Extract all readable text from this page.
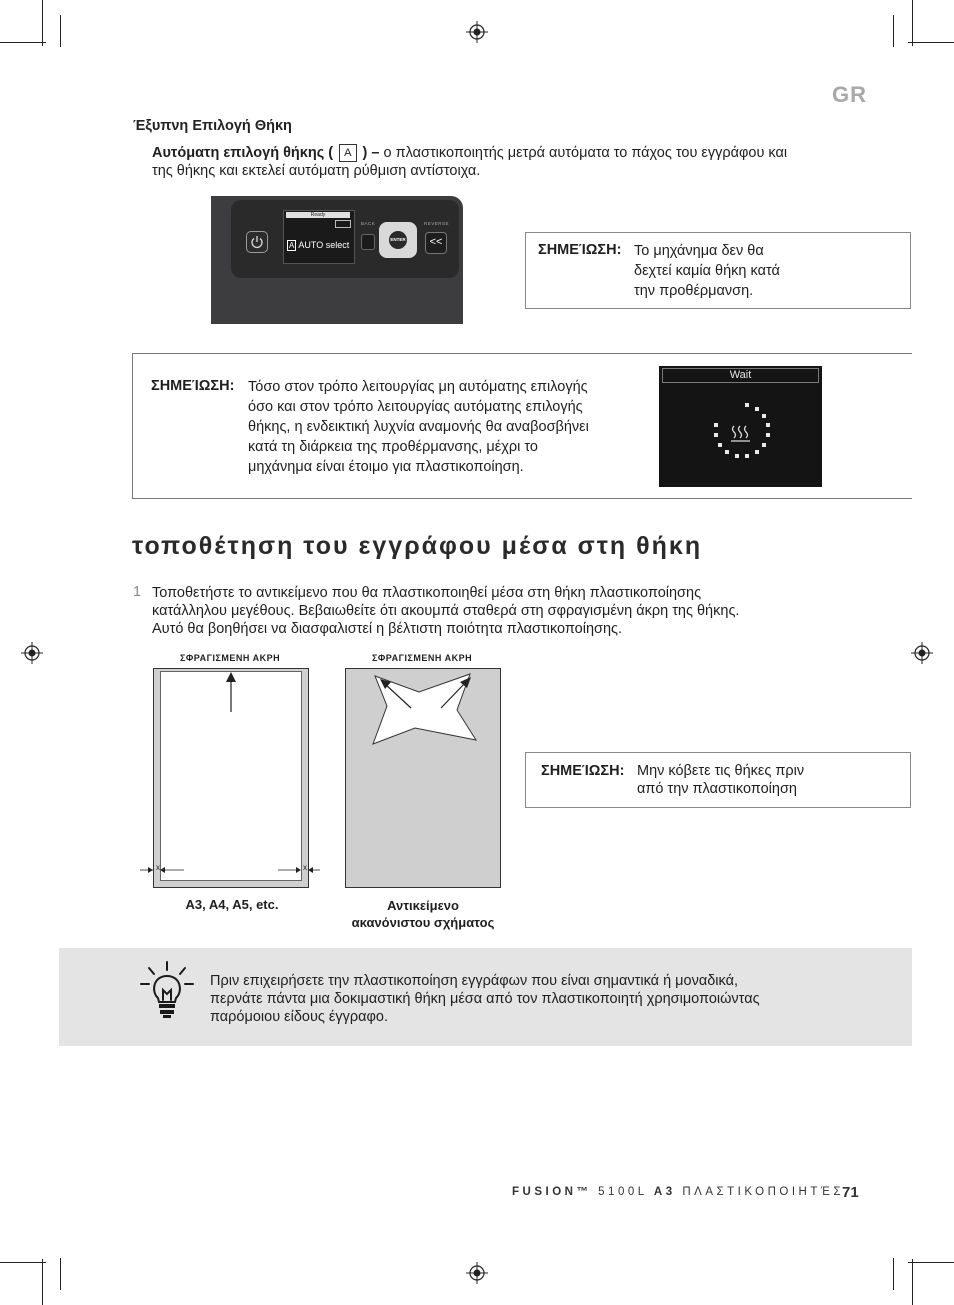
GR
Έξυπνη Επιλογή Θήκη
Αυτόματη επιλογή θήκης ( A ) – ο πλαστικοποιητής μετρά αυτόματα το πάχος του εγγράφου και της θήκης και εκτελεί αυτόματη ρύθμιση αντίστοιχα.
Ready
A AUTO select
BACK
ENTER
REVERSE
<<	ΣΗΜΕΊΩΣΗ: Το μηχάνημα δεν θα
δεχτεί καμία θήκη κατά
την προθέρμανση.
ΣΗΜΕΊΩΣΗ: Τόσο στον τρόπο λειτουργίας μη αυτόματης επιλογής
όσο και στον τρόπο λειτουργίας αυτόματης επιλογής
θήκης, η ενδεικτική λυχνία αναμονής θα αναβοσβήνει
κατά τη διάρκεια της προθέρμανσης, μέχρι το
μηχάνημα είναι έτοιμο για πλαστικοποίηση.
Wait
τοποθέτηση του εγγράφου μέσα στη θήκη
1 Τοποθετήστε το αντικείμενο που θα πλαστικοποιηθεί μέσα στη θήκη πλαστικοποίησης
κατάλληλου μεγέθους. Βεβαιωθείτε ότι ακουμπά σταθερά στη σφραγισμένη άκρη της θήκης.
Αυτό θα βοηθήσει να διασφαλιστεί η βέλτιστη ποιότητα πλαστικοποίησης.
ΣΦΡΑΓΙΣΜΕΝΗ ΑΚΡΗ	ΣΦΡΑΓΙΣΜΕΝΗ ΑΚΡΗ
x	x
A3, A4, A5, etc.	Αντικείμενο
ακανόνιστου σχήματος
ΣΗΜΕΊΩΣΗ: Μην κόβετε τις θήκες πριν
από την πλαστικοποίηση
Πριν επιχειρήσετε την πλαστικοποίηση εγγράφων που είναι σημαντικά ή μοναδικά,
περνάτε πάντα μια δοκιμαστική θήκη μέσα από τον πλαστικοποιητή χρησιμοποιώντας
παρόμοιου είδους έγγραφο.
FUSION™ 5100L A3 ΠΛΑΣΤΙΚΟΠΟΙΗΤΈΣ
71
